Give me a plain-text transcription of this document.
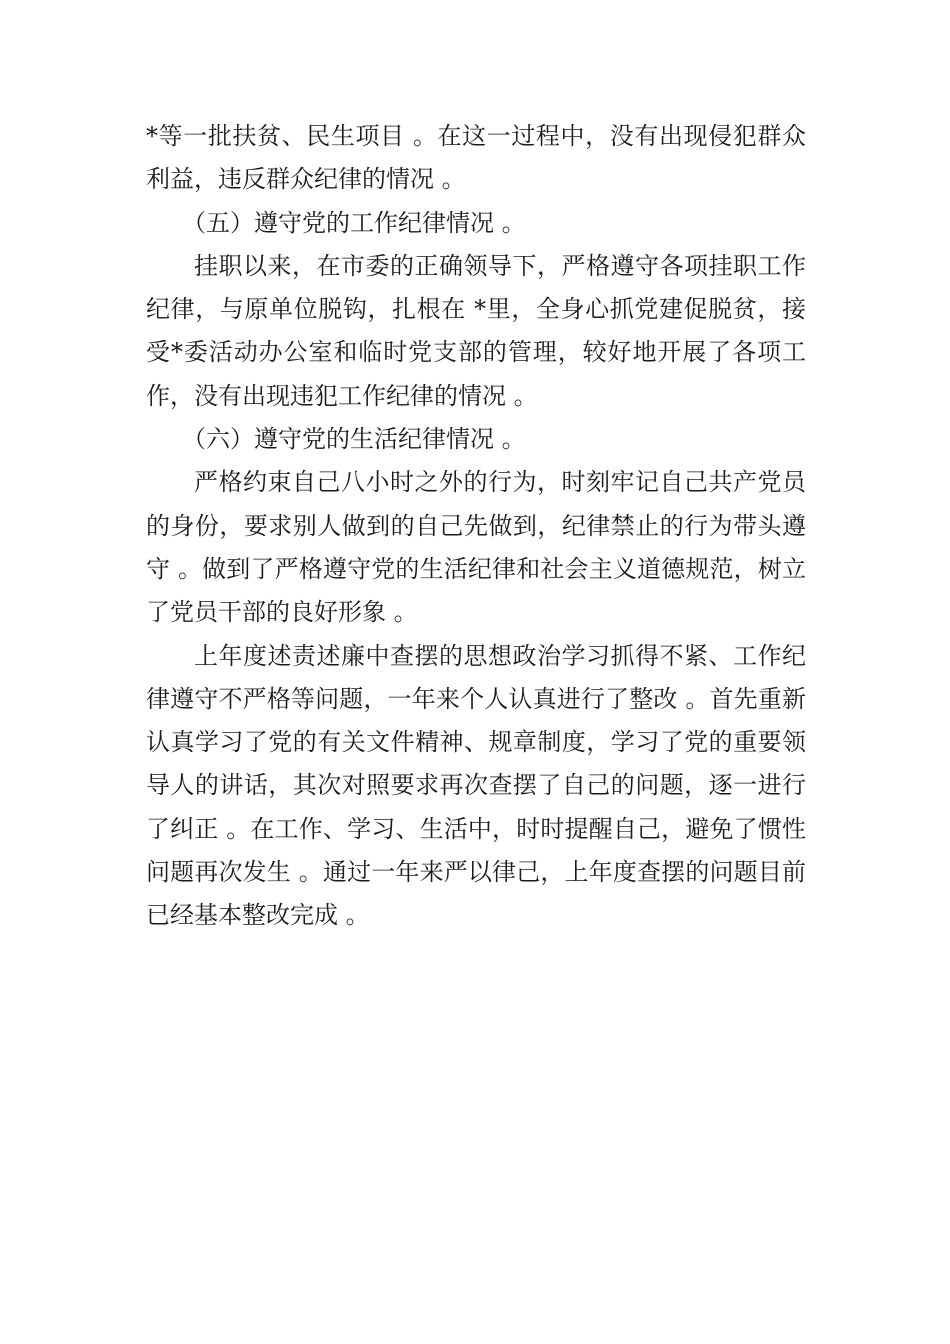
*等一批扶贫、民生项目 。在这一过程中，没有出现侵犯群众利益，违反群众纪律的情况 。

（五）遵守党的工作纪律情况 。

挂职以来，在市委的正确领导下，严格遵守各项挂职工作纪律，与原单位脱钩，扎根在 *里，全身心抓党建促脱贫，接受*委活动办公室和临时党支部的管理，较好地开展了各项工作，没有出现违犯工作纪律的情况 。

（六）遵守党的生活纪律情况 。

严格约束自己八小时之外的行为，时刻牢记自己共产党员的身份，要求别人做到的自己先做到，纪律禁止的行为带头遵守 。做到了严格遵守党的生活纪律和社会主义道德规范，树立了党员干部的良好形象 。

上年度述责述廉中查摆的思想政治学习抓得不紧、工作纪律遵守不严格等问题，一年来个人认真进行了整改 。首先重新认真学习了党的有关文件精神、规章制度，学习了党的重要领导人的讲话，其次对照要求再次查摆了自己的问题，逐一进行了纠正 。在工作、学习、生活中，时时提醒自己，避免了惯性问题再次发生 。通过一年来严以律己，上年度查摆的问题目前已经基本整改完成 。
